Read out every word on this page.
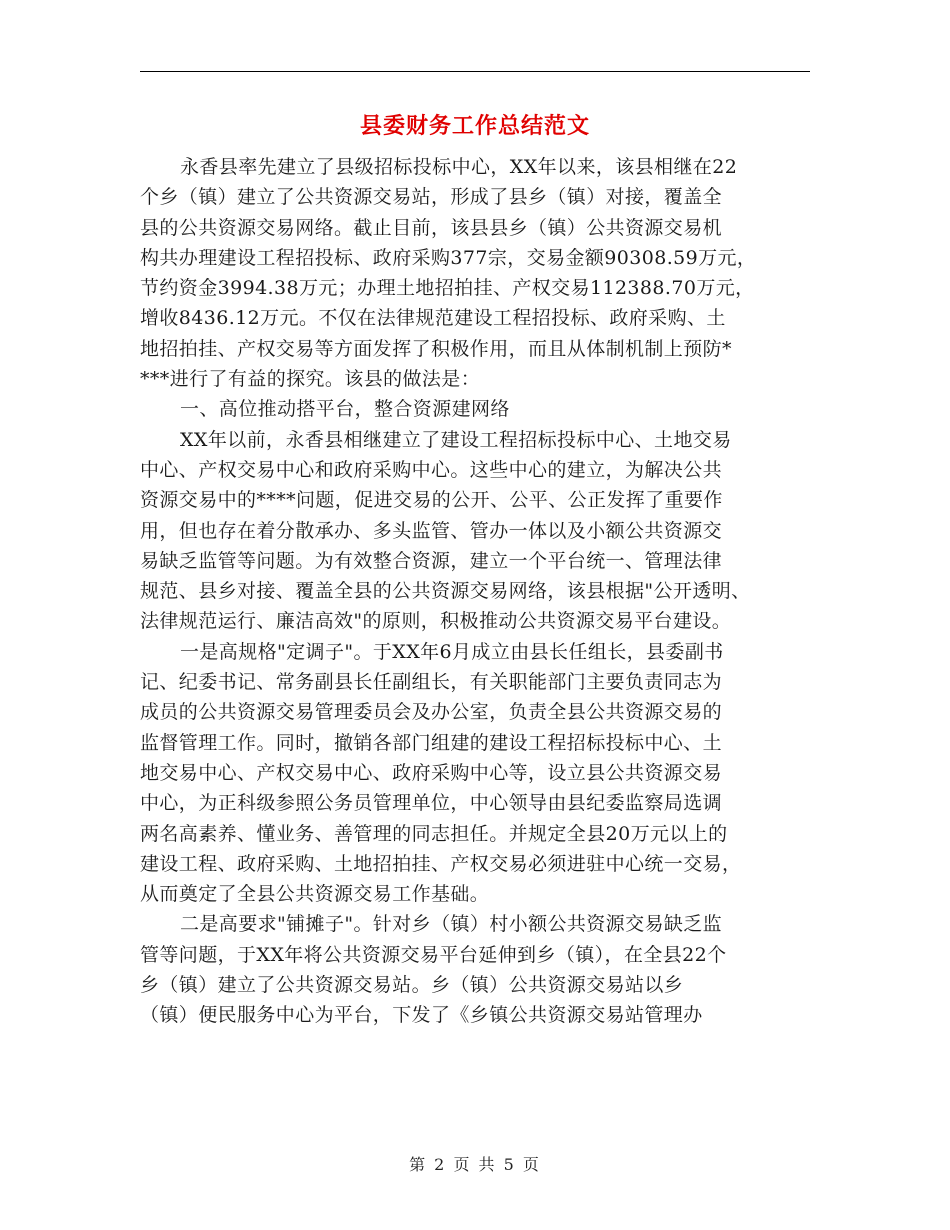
县委财务工作总结范文
永香县率先建立了县级招标投标中心，XX年以来，该县相继在22
个乡（镇）建立了公共资源交易站，形成了县乡（镇）对接，覆盖全
县的公共资源交易网络。截止目前，该县县乡（镇）公共资源交易机
构共办理建设工程招投标、政府采购377宗，交易金额90308.59万元，
节约资金3994.38万元；办理土地招拍挂、产权交易112388.70万元，
增收8436.12万元。不仅在法律规范建设工程招投标、政府采购、土
地招拍挂、产权交易等方面发挥了积极作用，而且从体制机制上预防*
***进行了有益的探究。该县的做法是：
一、高位推动搭平台，整合资源建网络
XX年以前，永香县相继建立了建设工程招标投标中心、土地交易
中心、产权交易中心和政府采购中心。这些中心的建立，为解决公共
资源交易中的****问题，促进交易的公开、公平、公正发挥了重要作
用，但也存在着分散承办、多头监管、管办一体以及小额公共资源交
易缺乏监管等问题。为有效整合资源，建立一个平台统一、管理法律
规范、县乡对接、覆盖全县的公共资源交易网络，该县根据"公开透明、
法律规范运行、廉洁高效"的原则，积极推动公共资源交易平台建设。
一是高规格"定调子"。于XX年6月成立由县长任组长，县委副书
记、纪委书记、常务副县长任副组长，有关职能部门主要负责同志为
成员的公共资源交易管理委员会及办公室，负责全县公共资源交易的
监督管理工作。同时，撤销各部门组建的建设工程招标投标中心、土
地交易中心、产权交易中心、政府采购中心等，设立县公共资源交易
中心，为正科级参照公务员管理单位，中心领导由县纪委监察局选调
两名高素养、懂业务、善管理的同志担任。并规定全县20万元以上的
建设工程、政府采购、土地招拍挂、产权交易必须进驻中心统一交易，
从而奠定了全县公共资源交易工作基础。
二是高要求"铺摊子"。针对乡（镇）村小额公共资源交易缺乏监
管等问题，于XX年将公共资源交易平台延伸到乡（镇），在全县22个
乡（镇）建立了公共资源交易站。乡（镇）公共资源交易站以乡
（镇）便民服务中心为平台，下发了《乡镇公共资源交易站管理办
第 2 页 共 5 页
